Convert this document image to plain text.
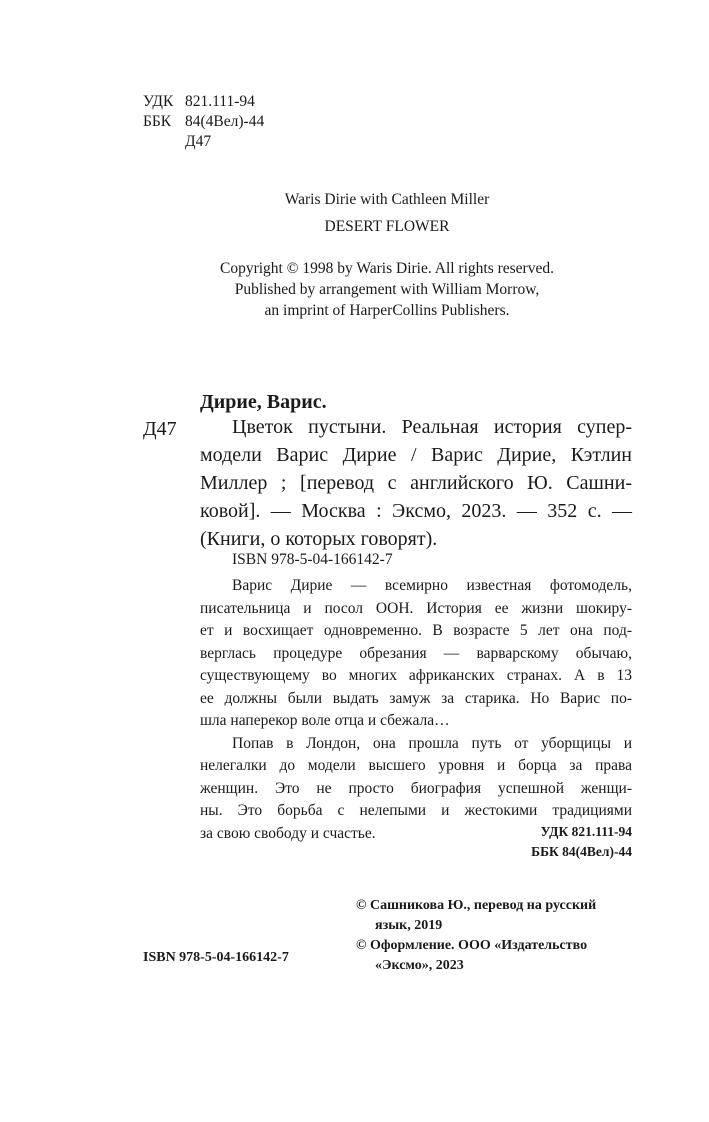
УДК 821.111-94
ББК 84(4Вел)-44
Д47
Waris Dirie with Cathleen Miller
DESERT FLOWER
Copyright © 1998 by Waris Dirie. All rights reserved.
Published by arrangement with William Morrow,
an imprint of HarperCollins Publishers.
Дирие, Варис.
Д47	Цветок пустыни. Реальная история супер-
модели Варис Дирие / Варис Дирие, Кэтлин
Миллер ; [перевод с английского Ю. Сашни-
ковой]. — Москва : Эксмо, 2023. — 352 с. —
(Книги, о которых говорят).
ISBN 978-5-04-166142-7
Варис Дирие — всемирно известная фотомодель,
писательница и посол ООН. История ее жизни шокиру-
ет и восхищает одновременно. В возрасте 5 лет она под-
верглась процедуре обрезания — варварскому обычаю,
существующему во многих африканских странах. А в 13
ее должны были выдать замуж за старика. Но Варис по-
шла наперекор воле отца и сбежала…
Попав в Лондон, она прошла путь от уборщицы и
нелегалки до модели высшего уровня и борца за права
женщин. Это не просто биография успешной женщи-
ны. Это борьба с нелепыми и жестокими традициями
за свою свободу и счастье.	УДК 821.111-94
ББК 84(4Вел)-44
© Сашникова Ю., перевод на русский
язык, 2019
© Оформление. ООО «Издательство
«Эксмо», 2023
ISBN 978-5-04-166142-7
